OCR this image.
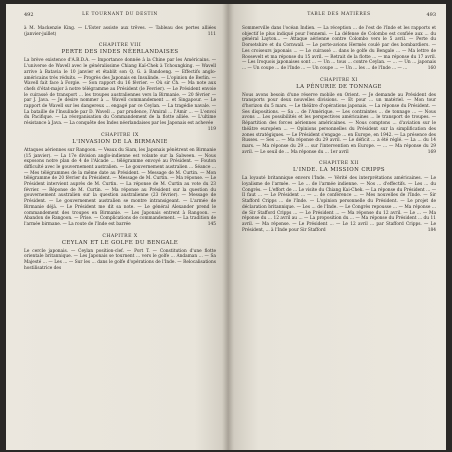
492	LE TOURNANT DU DESTIN

à M. Mackenzie King. — L'Ester assiste aux trêves. — Tableau des pertes alliées (janvier-juillet)	111

CHAPITRE VIII
PERTE DES INDES NÉERLANDAISES

La brève existence d'A.B.D.A. — Importance donnée à la Chine par les Américains. — L'universe de Wavell avec le généralissime Chiang Kaï-Chek à Tchoungking. — Wavell arrive à Batavia le 10 janvier et établit son Q. G. à Bandoeng. — Effectifs anglo-américains très réduits. — Progrès des Japonais en Insulinde. — L'opinion de Berlin. — Wavell fait face à Forgie. — Son rapport du 16 février. — Où sir Ch. — Ma note aux chefs d'état-major à notre télégramme au Président (le Fevrier). — Le Président envoie le cuirassé de transport ... les troupes australiennes vers la Birmanie. — 20 février — par J. Java. — Je désire nommer à ... Wavell commandement ... et Singapour. — Le rapport de Wavell sur les dangereux ... engagé par ce Ceylan. — La tragédie navale. — La bataille de l'Insulinde par D. Wavell ... par prudence, l'Amiral ... l'Amir ... — L'envoi du Pacifique. — La réorganisation du Commandement de la flotte alliée. — L'ultime résistance à Java. — La conquête des Indes néerlandaises par les Japonais est achevée
119

CHAPITRE IX
L'INVASION DE LA BIRMANIE

Attaques aériennes sur Rangoon. — Veaux du Siam, les Japonais pénètrent en Birmanie (15 janvier). — La 17e division anglo-indienne est volante sur la Salween. — Nous exposons notre plan de 4 de l'Alcade ... télégramme envoyé au Président. — Fouton difficulté avec le gouvernement australien. — Le gouvernement australien ... Séance ... — Mes télégrammes de la même date au Président. — Message de M. Curtin. — Mon télégramme de 20 février du Président. — Message de M. Curtin. — Ma réponse. — Le Président intervient auprès de M. Curtin. — La réponse de M. Curtin au vote du 23 février. — Réponse de M. Curtin. — Ma réponse au Président sur la question du gouvernement australien sur la question australienne (23 février). — Message de Président. — Le gouvernement australien se montre intransigeant. — L'armée de Birmanie déjà. — Le Président me dit sa note. — Le général Alexander prend le commandement des troupes en Birmanie. — Les Japonais entrent à Rangoon. — Abandon de Rangoon. — Prise. — Complications de commandement. — La tradition de l'armée birmane. — La route de l'Inde est barrée	145

CHAPITRE X
CEYLAN ET LE GOLFE DU BENGALE

Le cercle japonais. — Ceylan position-clef. — Port T. — Constitution d'une flotte orientale britannique. — Les Japonais se tournent ... vers le golfe ... Andaman ... — Sa Majesté ... — Les ... — Sur les ... dans le golfe d'opérations de l'Inde. — Relocalisations hostilisatrice des

TABLE DES MATIÈRES	493

Sommerville dans l'océan Indien. — La réception ... de l'est de l'Inde et les rapports et objectif le plus indiqué pour l'ennemi. — La défense de Colombo est confiée aux ... du général Layton... — Attaque aérienne contre Colombo vers le 5 avril. — Perte du Dorsetshire et du Cornwall. — Le porte-avions Hermès coulé par des bombardiers. — Les croiseurs japonais ... — Le cuirassé ... dans le golfe du Bengale ... — Ma lettre de Roosevelt et ma réponse du 15 avril. — Retrait de la flotte ... — ma réponse du 17 avril. — Les Iroquois japonaises sont ... — Un ... tous ... contre Ceylan. — ... — Un ... japonais ... — Un coupe ... de l'Inde ... — Un coupe ... — Un ... les ... de l'Inde ... — ...	160

CHAPITRE XI
LA PÉNURIE DE TONNAGE

Nous avons besoin d'une réserve mobile en Orient. — Je demande au Président des transports pour deux nouvelles divisions. — Et pour ... un matériel. — Mon tour d'horizon du 5 mars. — Le théâtre d'opérations japonais. — La réponse du Président. — Ses dispositions. — Sa ... de l'Amérique. — Les contraintes ... de tonnage ... — Nous avons ... Les possibilités et les perspectives américaines ... le transport de troupes. — Répartition des forces aériennes américaines. — Nous comptons ... d'aviation sur le théâtre européen ... — Opinions personnelles du Président sur la simplification des zones stratégiques. — Le Président s'engage ... en Europe, en 1942. — La présence des Russes. — Ses ... — Ma réponse du 29 avril. — Le déficit ... a été réglé. — La ... du 14 mars. — Ma réponse du 29 ... sur l'intervention en Europe. — ... — Ma réponse du 29 avril. — Le seuil de ... Ma réponse du ... 1er avril	169

CHAPITRE XII
L'INDE. LA MISSION CRIPPS

La loyauté britannique envers l'Inde. — Vérité des interprétations américaines. — Le loyalisme de l'armée. — Le ... de l'armée indienne. — Nos ... d'effectifs. — Les ... du Congrès. — L'effort de ... Le visite du Chiang Kai-Chek. — La réponse du Président ... — Il faut ... — Le Président ... — ... de conférence ... — Mes nouvelles de l'Inde. — Sir Stafford Cripps ... de l'Inde. — L'opinion personnelle du Président. — Le projet de déclaration britannique. — Les ... de l'Inde. — Le Congrès repousse ... — Ma réponse ... de Sir Stafford Cripps ... — Le Président ... — Ma réponse du 12 avril. — Le ... — Ma réponse du ... 12 avril au ... — La proposition du ... — Ma réponse du Président ... du 11 avril. — Ma réponse. — Le Président ... — Le 12 avril ... par Stafford Cripps. — Le Président, ... à l'Inde pour Sir Stafford	184
